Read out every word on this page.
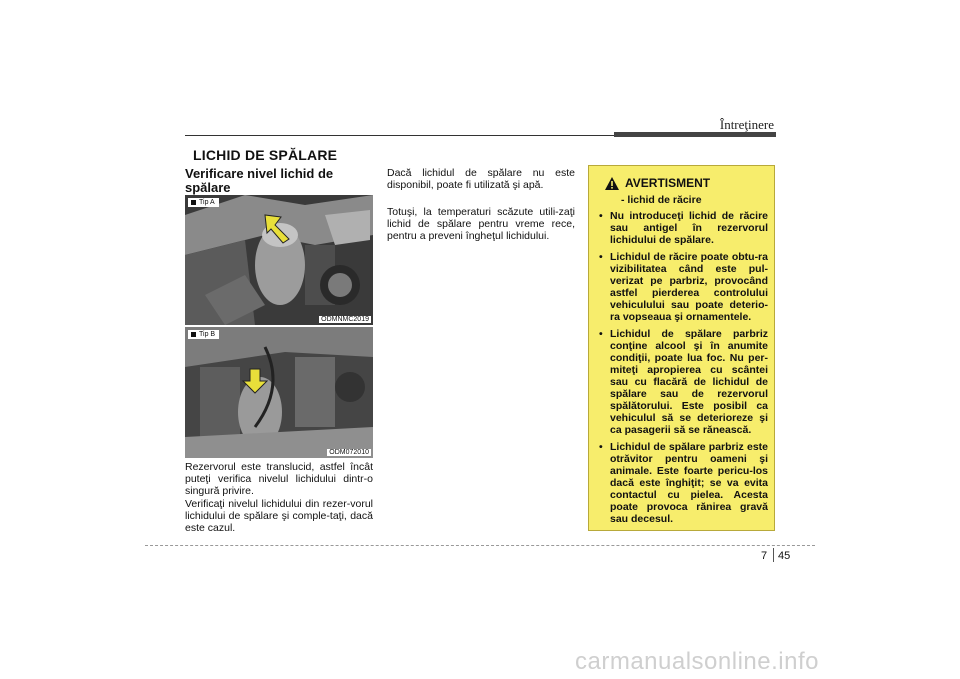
Întreţinere
LICHID DE SPĂLARE
Verificare nivel lichid de spălare
Tip A
ODMNMC2019
Tip B
ODM072010
Rezervorul este translucid, astfel încât puteţi verifica nivelul lichidului dintr-o singură privire.
Verificaţi nivelul lichidului din rezer-vorul lichidului de spălare şi comple-taţi, dacă este cazul.
Dacă lichidul de spălare nu este disponibil, poate fi utilizată şi apă.
Totuşi, la temperaturi scăzute utili-zaţi lichid de spălare pentru vreme rece, pentru a preveni îngheţul lichidului.
AVERTISMENT
- lichid de răcire
• Nu introduceţi lichid de răcire sau antigel în rezervorul lichidului de spălare.
• Lichidul de răcire poate obtu-ra vizibilitatea când este pul-verizat pe parbriz, provocând astfel pierderea controlului vehiculului sau poate deterio-ra vopseaua şi ornamentele.
• Lichidul de spălare parbriz conţine alcool şi în anumite condiţii, poate lua foc. Nu per-miteţi apropierea cu scântei sau cu flacără de lichidul de spălare sau de rezervorul spălătorului. Este posibil ca vehiculul să se deterioreze şi ca pasagerii să se rănească.
• Lichidul de spălare parbriz este otrăvitor pentru oameni şi animale. Este foarte pericu-los dacă este înghiţit; se va evita contactul cu pielea. Acesta poate provoca rănirea gravă sau decesul.
7 45
carmanualsonline.info
